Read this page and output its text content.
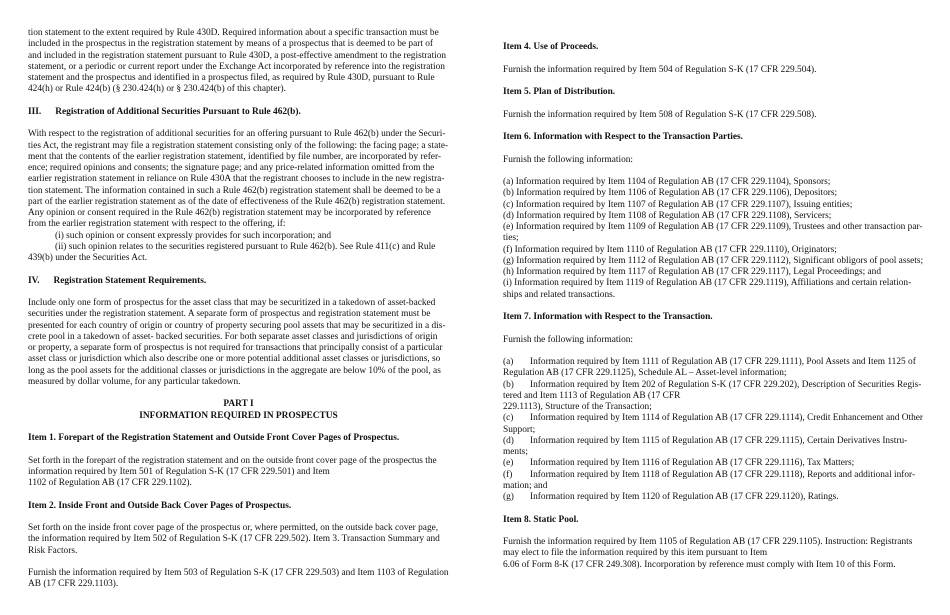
tion statement to the extent required by Rule 430D. Required information about a specific transaction must be
included in the prospectus in the registration statement by means of a prospectus that is deemed to be part of
and included in the registration statement pursuant to Rule 430D, a post-effective amendment to the registration
statement, or a periodic or current report under the Exchange Act incorporated by reference into the registration
statement and the prospectus and identified in a prospectus filed, as required by Rule 430D, pursuant to Rule
424(h) or Rule 424(b) (§ 230.424(h) or § 230.424(b) of this chapter).
III.      Registration of Additional Securities Pursuant to Rule 462(b).
With respect to the registration of additional securities for an offering pursuant to Rule 462(b) under the Securi-
ties Act, the registrant may file a registration statement consisting only of the following: the facing page; a state-
ment that the contents of the earlier registration statement, identified by file number, are incorporated by refer-
ence; required opinions and consents; the signature page; and any price-related information omitted from the
earlier registration statement in reliance on Rule 430A that the registrant chooses to include in the new registra-
tion statement. The information contained in such a Rule 462(b) registration statement shall be deemed to be a
part of the earlier registration statement as of the date of effectiveness of the Rule 462(b) registration statement.
Any opinion or consent required in the Rule 462(b) registration statement may be incorporated by reference
from the earlier registration statement with respect to the offering, if:
(i) such opinion or consent expressly provides for such incorporation; and
(ii) such opinion relates to the securities registered pursuant to Rule 462(b). See Rule 411(c) and Rule
439(b) under the Securities Act.
IV.      Registration Statement Requirements.
Include only one form of prospectus for the asset class that may be securitized in a takedown of asset-backed
securities under the registration statement. A separate form of prospectus and registration statement must be
presented for each country of origin or country of property securing pool assets that may be securitized in a dis-
crete pool in a takedown of asset- backed securities. For both separate asset classes and jurisdictions of origin
or property, a separate form of prospectus is not required for transactions that principally consist of a particular
asset class or jurisdiction which also describe one or more potential additional asset classes or jurisdictions, so
long as the pool assets for the additional classes or jurisdictions in the aggregate are below 10% of the pool, as
measured by dollar volume, for any particular takedown.
PART I
INFORMATION REQUIRED IN PROSPECTUS
Item 1. Forepart of the Registration Statement and Outside Front Cover Pages of Prospectus.
Set forth in the forepart of the registration statement and on the outside front cover page of the prospectus the
information required by Item 501 of Regulation S-K (17 CFR 229.501) and Item
1102 of Regulation AB (17 CFR 229.1102).
Item 2. Inside Front and Outside Back Cover Pages of Prospectus.
Set forth on the inside front cover page of the prospectus or, where permitted, on the outside back cover page,
the information required by Item 502 of Regulation S-K (17 CFR 229.502). Item 3. Transaction Summary and
Risk Factors.
Furnish the information required by Item 503 of Regulation S-K (17 CFR 229.503) and Item 1103 of Regulation
AB (17 CFR 229.1103).
Item 4. Use of Proceeds.
Furnish the information required by Item 504 of Regulation S-K (17 CFR 229.504).
Item 5. Plan of Distribution.
Furnish the information required by Item 508 of Regulation S-K (17 CFR 229.508).
Item 6. Information with Respect to the Transaction Parties.
Furnish the following information:
(a) Information required by Item 1104 of Regulation AB (17 CFR 229.1104), Sponsors;
(b) Information required by Item 1106 of Regulation AB (17 CFR 229.1106), Depositors;
(c) Information required by Item 1107 of Regulation AB (17 CFR 229.1107), Issuing entities;
(d) Information required by Item 1108 of Regulation AB (17 CFR 229.1108), Servicers;
(e) Information required by Item 1109 of Regulation AB (17 CFR 229.1109), Trustees and other transaction par-
ties;
(f) Information required by Item 1110 of Regulation AB (17 CFR 229.1110), Originators;
(g) Information required by Item 1112 of Regulation AB (17 CFR 229.1112), Significant obligors of pool assets;
(h) Information required by Item 1117 of Regulation AB (17 CFR 229.1117), Legal Proceedings; and
(i) Information required by Item 1119 of Regulation AB (17 CFR 229.1119), Affiliations and certain relation-
ships and related transactions.
Item 7. Information with Respect to the Transaction.
Furnish the following information:
(a) Information required by Item 1111 of Regulation AB (17 CFR 229.1111), Pool Assets and Item 1125 of
Regulation AB (17 CFR 229.1125), Schedule AL – Asset-level information;
(b) Information required by Item 202 of Regulation S-K (17 CFR 229.202), Description of Securities Regis-
tered and Item 1113 of Regulation AB (17 CFR
229.1113), Structure of the Transaction;
(c) Information required by Item 1114 of Regulation AB (17 CFR 229.1114), Credit Enhancement and Other
Support;
(d) Information required by Item 1115 of Regulation AB (17 CFR 229.1115), Certain Derivatives Instru-
ments;
(e) Information required by Item 1116 of Regulation AB (17 CFR 229.1116), Tax Matters;
(f) Information required by Item 1118 of Regulation AB (17 CFR 229.1118), Reports and additional infor-
mation; and
(g) Information required by Item 1120 of Regulation AB (17 CFR 229.1120), Ratings.
Item 8. Static Pool.
Furnish the information required by Item 1105 of Regulation AB (17 CFR 229.1105). Instruction: Registrants
may elect to file the information required by this item pursuant to Item
6.06 of Form 8-K (17 CFR 249.308). Incorporation by reference must comply with Item 10 of this Form.
